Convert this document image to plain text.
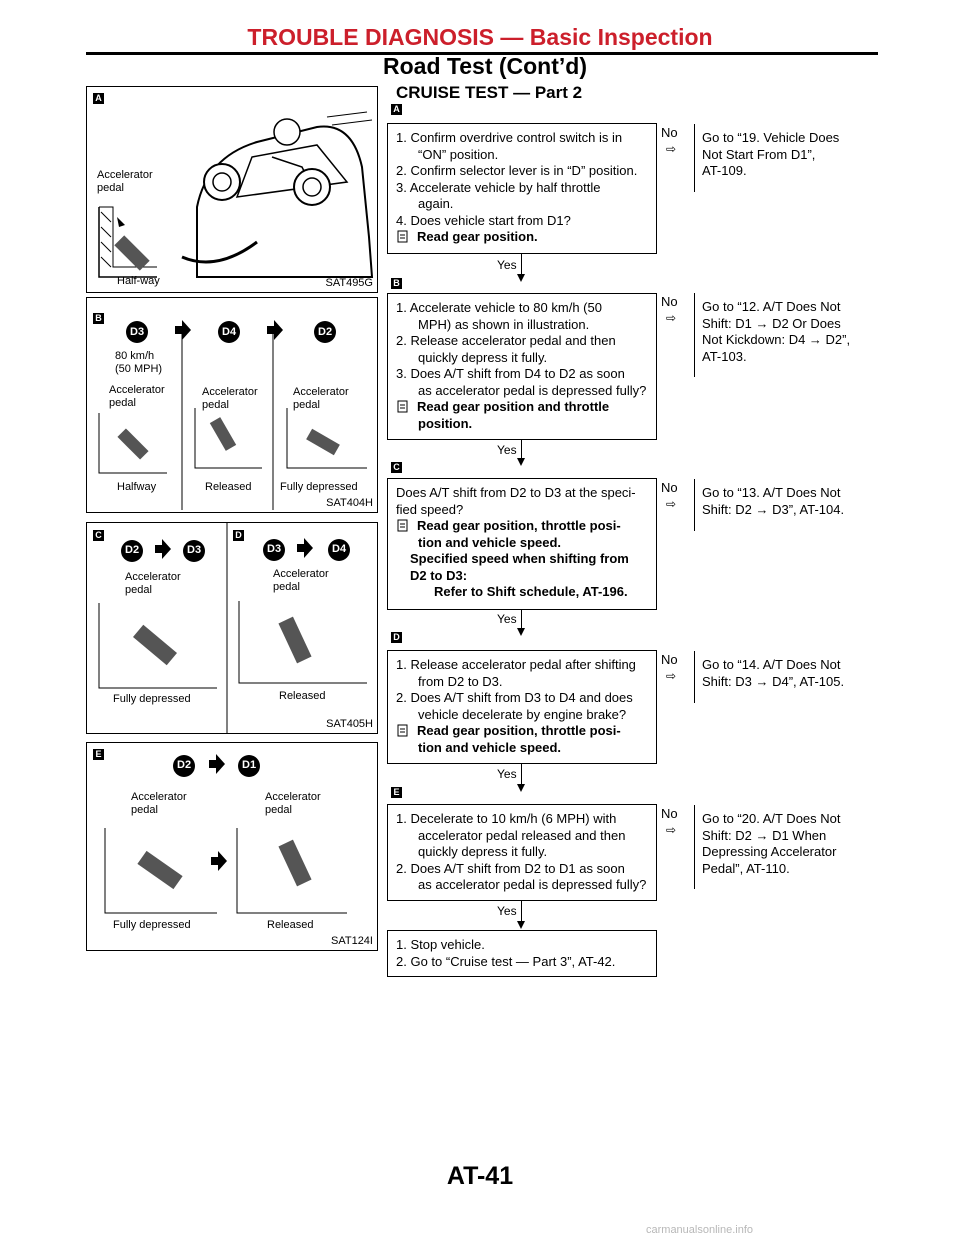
TROUBLE DIAGNOSIS — Basic Inspection
Road Test (Cont’d)
CRUISE TEST — Part 2
A
Accelerator
pedal
Half-way	SAT495G
B
D3	D4	D2
80 km/h
(50 MPH)
Accelerator
pedal
Accelerator
pedal
Accelerator
pedal
Halfway	Released	Fully depressed
SAT404H
C	D
D2	D3	D3	D4
Accelerator
pedal
Accelerator
pedal
Fully depressed	Released
SAT405H
E
D2	D1
Accelerator
pedal
Accelerator
pedal
Fully depressed	Released
SAT124I
A
1. Confirm overdrive control switch is in
“ON” position.
2. Confirm selector lever is in “D” position.
3. Accelerate vehicle by half throttle
again.
4. Does vehicle start from D1?
Read gear position.
Yes
No
⇨
Go to “19. Vehicle Does
Not Start From D1”,
AT-109.
B
1. Accelerate vehicle to 80 km/h (50
MPH) as shown in illustration.
2. Release accelerator pedal and then
quickly depress it fully.
3. Does A/T shift from D4 to D2 as soon
as accelerator pedal is depressed fully?
Read gear position and throttle
position.
Yes
No
⇨
Go to “12. A/T Does Not
Shift: D1 → D2 Or Does
Not Kickdown: D4 → D2”,
AT-103.
C
Does A/T shift from D2 to D3 at the speci-
fied speed?
Read gear position, throttle posi-
tion and vehicle speed.
Specified speed when shifting from
D2 to D3:
Refer to Shift schedule, AT-196.
Yes
No
⇨
Go to “13. A/T Does Not
Shift: D2 → D3”, AT-104.
D
1. Release accelerator pedal after shifting
from D2 to D3.
2. Does A/T shift from D3 to D4 and does
vehicle decelerate by engine brake?
Read gear position, throttle posi-
tion and vehicle speed.
Yes
No
⇨
Go to “14. A/T Does Not
Shift: D3 → D4”, AT-105.
E
1. Decelerate to 10 km/h (6 MPH) with
accelerator pedal released and then
quickly depress it fully.
2. Does A/T shift from D2 to D1 as soon
as accelerator pedal is depressed fully?
Yes
No
⇨
Go to “20. A/T Does Not
Shift: D2 → D1 When
Depressing Accelerator
Pedal”, AT-110.
1. Stop vehicle.
2. Go to “Cruise test — Part 3”, AT-42.
AT-41
carmanualsonline.info
